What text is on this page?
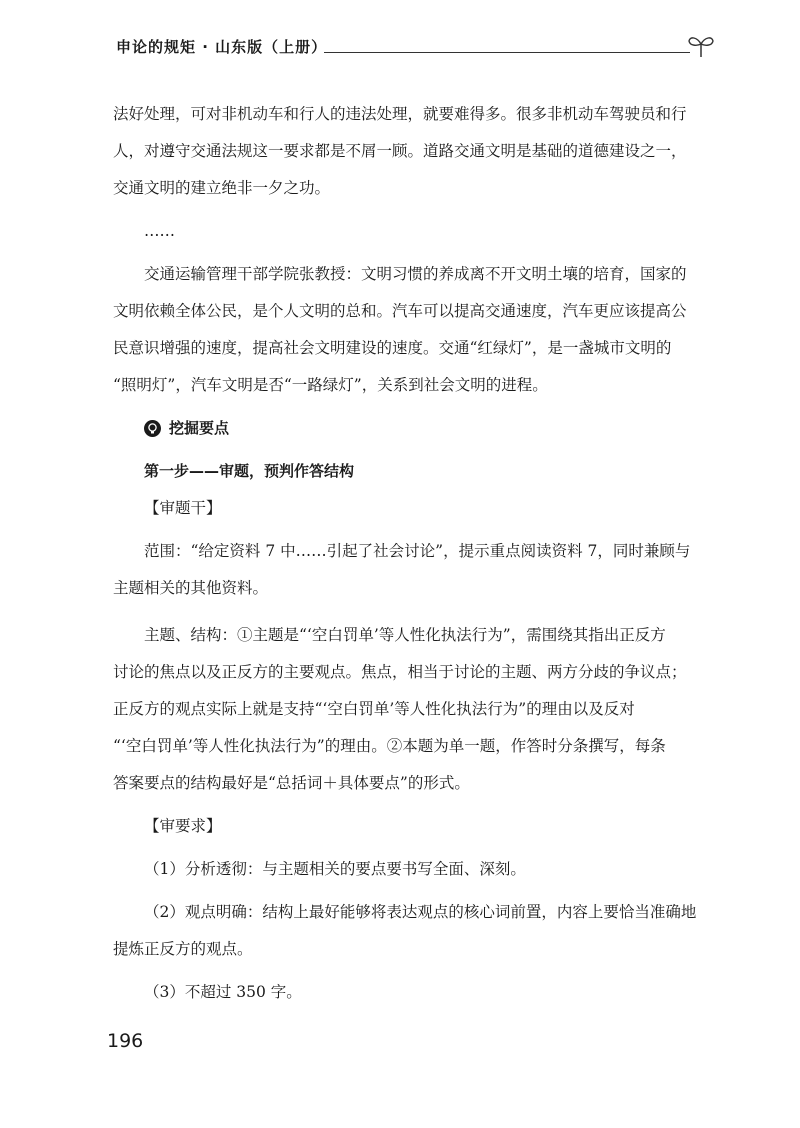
申论的规矩 · 山东版（上册）
法好处理，可对非机动车和行人的违法处理，就要难得多。很多非机动车驾驶员和行
人，对遵守交通法规这一要求都是不屑一顾。道路交通文明是基础的道德建设之一，
交通文明的建立绝非一夕之功。
……
交通运输管理干部学院张教授：文明习惯的养成离不开文明土壤的培育，国家的
文明依赖全体公民，是个人文明的总和。汽车可以提高交通速度，汽车更应该提高公
民意识增强的速度，提高社会文明建设的速度。交通“红绿灯”，是一盏城市文明的
“照明灯”，汽车文明是否“一路绿灯”，关系到社会文明的进程。
挖掘要点
第一步——审题，预判作答结构
【审题干】
范围：“给定资料 7 中……引起了社会讨论”，提示重点阅读资料 7，同时兼顾与
主题相关的其他资料。
主题、结构：①主题是“‘空白罚单’等人性化执法行为”，需围绕其指出正反方
讨论的焦点以及正反方的主要观点。焦点，相当于讨论的主题、两方分歧的争议点；
正反方的观点实际上就是支持“‘空白罚单’等人性化执法行为”的理由以及反对
“‘空白罚单’等人性化执法行为”的理由。②本题为单一题，作答时分条撰写，每条
答案要点的结构最好是“总括词＋具体要点”的形式。
【审要求】
（1）分析透彻：与主题相关的要点要书写全面、深刻。
（2）观点明确：结构上最好能够将表达观点的核心词前置，内容上要恰当准确地
提炼正反方的观点。
（3）不超过 350 字。
196
